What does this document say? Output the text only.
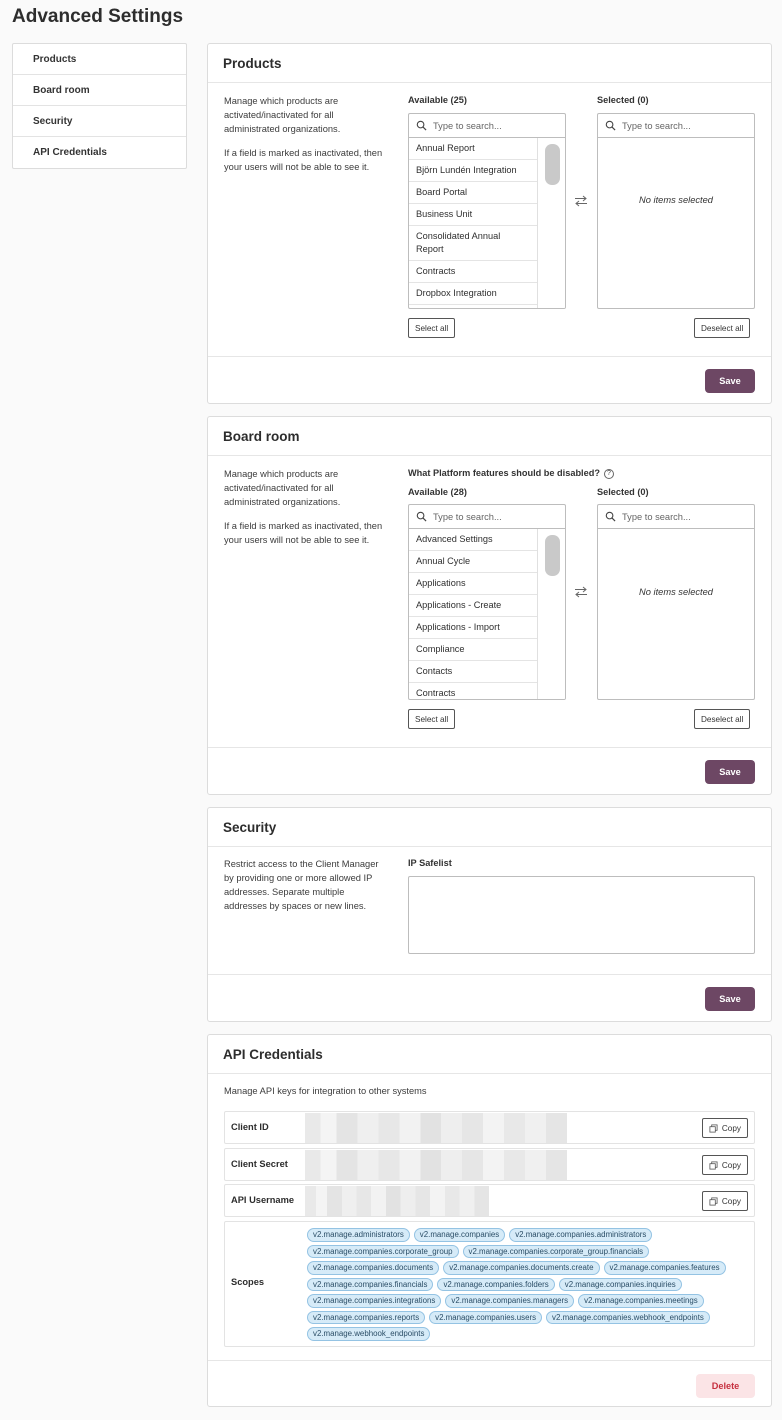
Advanced Settings
Products
Board room
Security
API Credentials
Products

Manage which products are activated/inactivated for all administrated organizations.

If a field is marked as inactivated, then your users will not be able to see it.

Available (25)	Selected (0)
Type to search...
Annual Report
Björn Lundén Integration
Board Portal
Business Unit
Consolidated Annual Report
Contracts
Dropbox Integration
Type to search...
No items selected
Select all	Deselect all
Save
Board room

Manage which products are activated/inactivated for all administrated organizations.

If a field is marked as inactivated, then your users will not be able to see it.

What Platform features should be disabled? ?
Available (28)	Selected (0)
Type to search...
Advanced Settings
Annual Cycle
Applications
Applications - Create
Applications - Import
Compliance
Contacts
Contracts
Type to search...
No items selected
Select all	Deselect all
Save
Security
Restrict access to the Client Manager by providing one or more allowed IP addresses. Separate multiple addresses by spaces or new lines.
IP Safelist
Save
API Credentials
Manage API keys for integration to other systems
Client ID	Copy
Client Secret	Copy
API Username	Copy
Scopes
v2.manage.administrators	v2.manage.companies	v2.manage.companies.administrators
v2.manage.companies.corporate_group	v2.manage.companies.corporate_group.financials
v2.manage.companies.documents	v2.manage.companies.documents.create	v2.manage.companies.features
v2.manage.companies.financials	v2.manage.companies.folders	v2.manage.companies.inquiries
v2.manage.companies.integrations	v2.manage.companies.managers	v2.manage.companies.meetings
v2.manage.companies.reports	v2.manage.companies.users	v2.manage.companies.webhook_endpoints
v2.manage.webhook_endpoints
Delete
